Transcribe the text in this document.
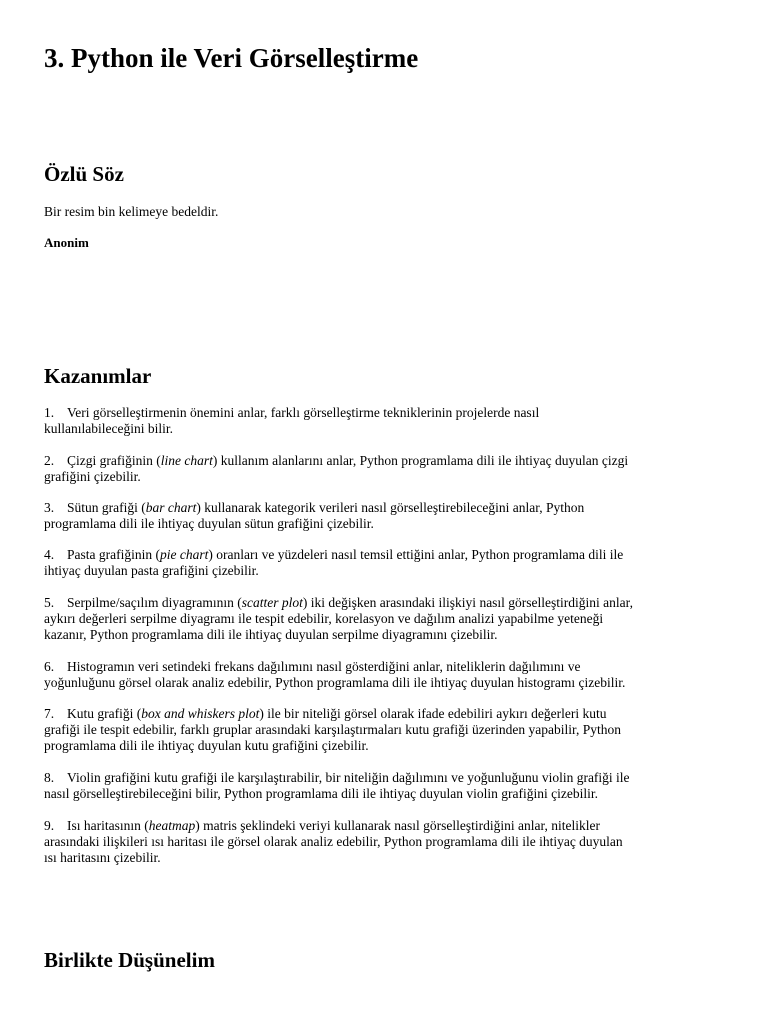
3. Python ile Veri Görselleştirme
Özlü Söz

Bir resim bin kelimeye bedeldir.

Anonim

Kazanımlar
1. Veri görselleştirmenin önemini anlar, farklı görselleştirme tekniklerinin projelerde nasıl
kullanılabileceğini bilir.
2. Çizgi grafiğinin (line chart) kullanım alanlarını anlar, Python programlama dili ile ihtiyaç duyulan çizgi
grafiğini çizebilir.
3. Sütun grafiği (bar chart) kullanarak kategorik verileri nasıl görselleştirebileceğini anlar, Python
programlama dili ile ihtiyaç duyulan sütun grafiğini çizebilir.
4. Pasta grafiğinin (pie chart) oranları ve yüzdeleri nasıl temsil ettiğini anlar, Python programlama dili ile
ihtiyaç duyulan pasta grafiğini çizebilir.
5. Serpilme/saçılım diyagramının (scatter plot) iki değişken arasındaki ilişkiyi nasıl görselleştirdiğini anlar,
aykırı değerleri serpilme diyagramı ile tespit edebilir, korelasyon ve dağılım analizi yapabilme yeteneği
kazanır, Python programlama dili ile ihtiyaç duyulan serpilme diyagramını çizebilir.
6. Histogramın veri setindeki frekans dağılımını nasıl gösterdiğini anlar, niteliklerin dağılımını ve
yoğunluğunu görsel olarak analiz edebilir, Python programlama dili ile ihtiyaç duyulan histogramı çizebilir.
7. Kutu grafiği (box and whiskers plot) ile bir niteliği görsel olarak ifade edebiliri aykırı değerleri kutu
grafiği ile tespit edebilir, farklı gruplar arasındaki karşılaştırmaları kutu grafiği üzerinden yapabilir, Python
programlama dili ile ihtiyaç duyulan kutu grafiğini çizebilir.
8. Violin grafiğini kutu grafiği ile karşılaştırabilir, bir niteliğin dağılımını ve yoğunluğunu violin grafiği ile
nasıl görselleştirebileceğini bilir, Python programlama dili ile ihtiyaç duyulan violin grafiğini çizebilir.
9. Isı haritasının (heatmap) matris şeklindeki veriyi kullanarak nasıl görselleştirdiğini anlar, nitelikler
arasındaki ilişkileri ısı haritası ile görsel olarak analiz edebilir, Python programlama dili ile ihtiyaç duyulan
ısı haritasını çizebilir.
Birlikte Düşünelim
